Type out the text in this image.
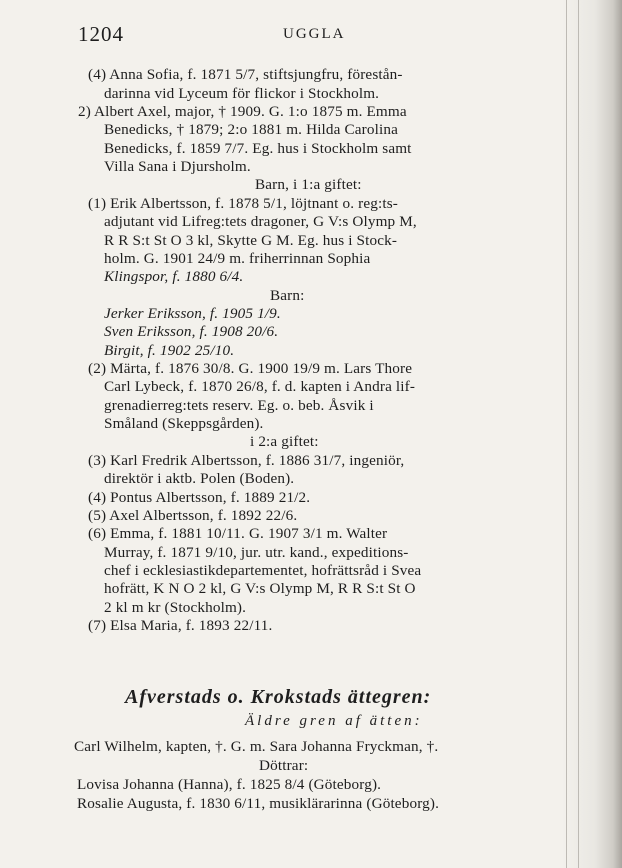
1204	UGGLA
(4) Anna Sofia, f. 1871 5/7, stiftsjungfru, förestån-
darinna vid Lyceum för flickor i Stockholm.
2) Albert Axel, major, † 1909. G. 1:o 1875 m. Emma
Benedicks, † 1879; 2:o 1881 m. Hilda Carolina
Benedicks, f. 1859 7/7. Eg. hus i Stockholm samt
Villa Sana i Djursholm.
Barn, i 1:a giftet:
(1) Erik Albertsson, f. 1878 5/1, löjtnant o. reg:ts-
adjutant vid Lifreg:tets dragoner, G V:s Olymp M,
R R S:t St O 3 kl, Skytte G M. Eg. hus i Stock-
holm. G. 1901 24/9 m. friherrinnan Sophia
Klingspor, f. 1880 6/4.
Barn:
Jerker Eriksson, f. 1905 1/9.
Sven Eriksson, f. 1908 20/6.
Birgit, f. 1902 25/10.
(2) Märta, f. 1876 30/8. G. 1900 19/9 m. Lars Thore
Carl Lybeck, f. 1870 26/8, f. d. kapten i Andra lif-
grenadierreg:tets reserv. Eg. o. beb. Åsvik i
Småland (Skeppsgården).
i 2:a giftet:
(3) Karl Fredrik Albertsson, f. 1886 31/7, ingeniör,
direktör i aktb. Polen (Boden).
(4) Pontus Albertsson, f. 1889 21/2.
(5) Axel Albertsson, f. 1892 22/6.
(6) Emma, f. 1881 10/11. G. 1907 3/1 m. Walter
Murray, f. 1871 9/10, jur. utr. kand., expeditions-
chef i ecklesiastikdepartementet, hofrättsråd i Svea
hofrätt, K N O 2 kl, G V:s Olymp M, R R S:t St O
2 kl m kr (Stockholm).
(7) Elsa Maria, f. 1893 22/11.
Afverstads o. Krokstads ättegren:
Äldre gren af ätten:
Carl Wilhelm, kapten, †. G. m. Sara Johanna Fryckman, †.
Döttrar:
Lovisa Johanna (Hanna), f. 1825 8/4 (Göteborg).
Rosalie Augusta, f. 1830 6/11, musiklärarinna (Göteborg).
